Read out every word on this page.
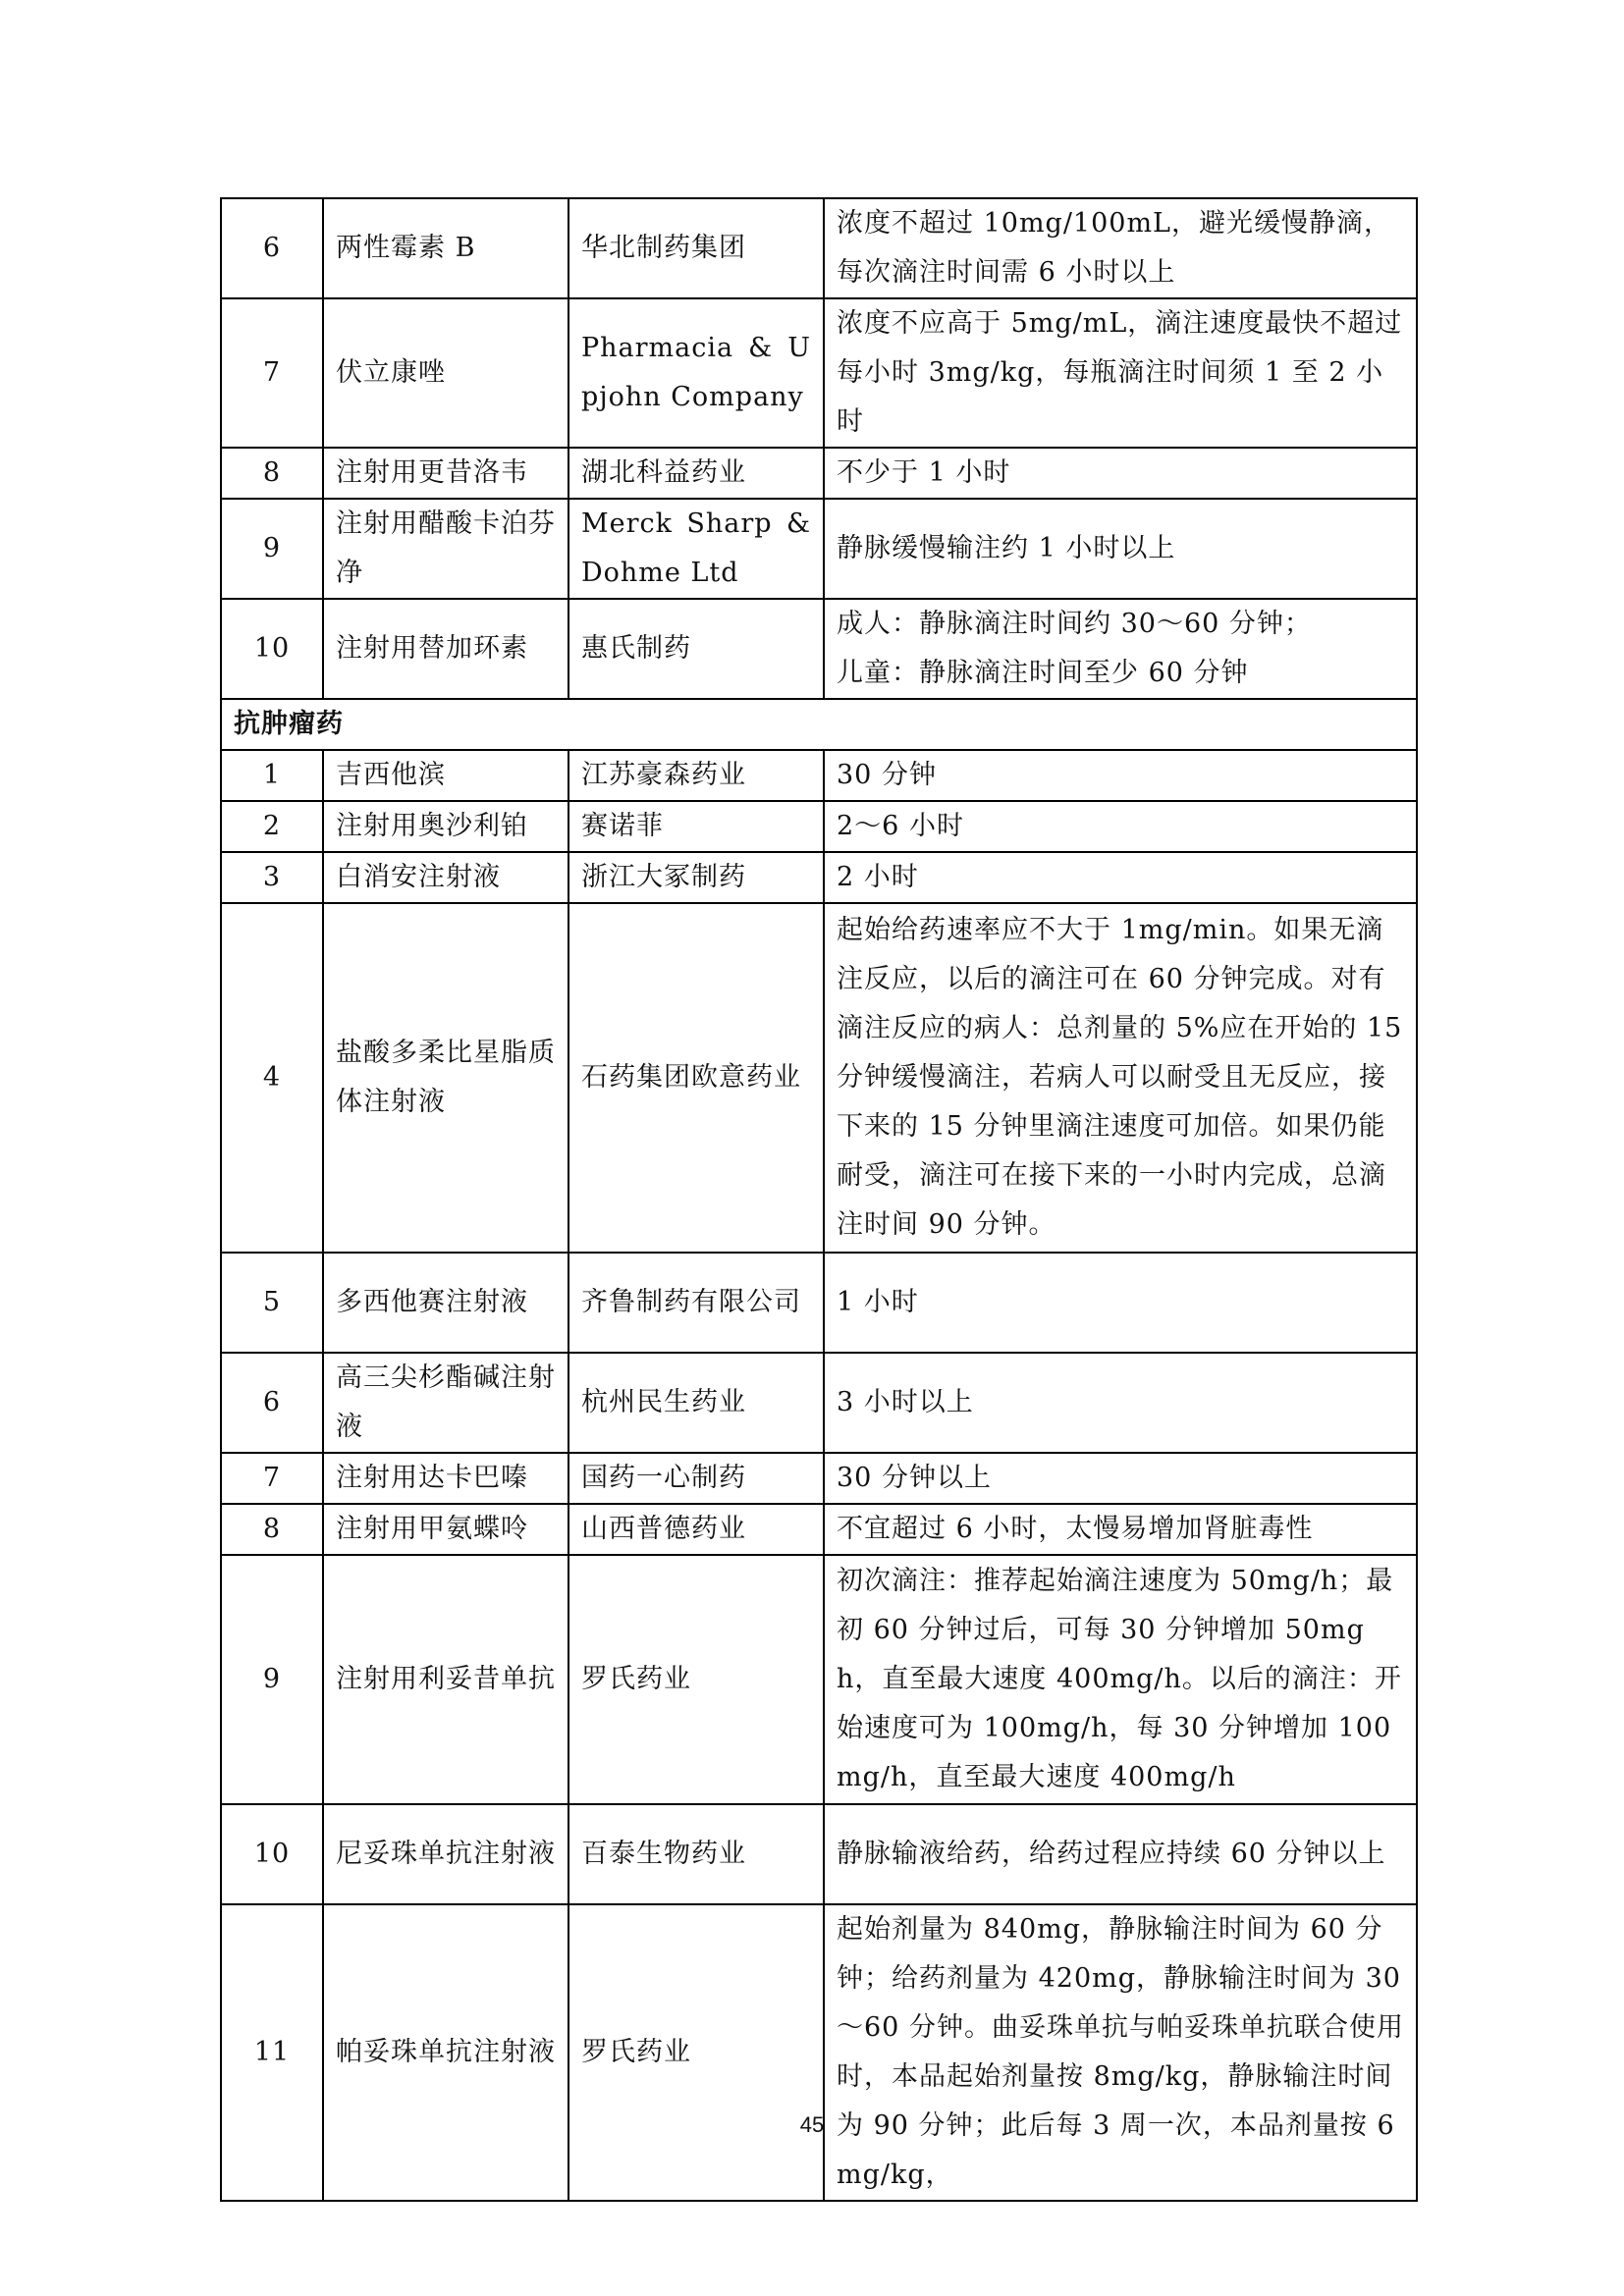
6	两性霉素 B	华北制药集团	浓度不超过 10mg/100mL，避光缓慢静滴，每次滴注时间需 6 小时以上
7	伏立康唑	Pharmacia & Upjohn Company	浓度不应高于 5mg/mL，滴注速度最快不超过每小时 3mg/kg，每瓶滴注时间须 1 至 2 小时
8	注射用更昔洛韦	湖北科益药业	不少于 1 小时
9	注射用醋酸卡泊芬净	Merck Sharp & Dohme Ltd	静脉缓慢输注约 1 小时以上
10	注射用替加环素	惠氏制药	成人：静脉滴注时间约 30～60 分钟；
儿童：静脉滴注时间至少 60 分钟

抗肿瘤药			
1	吉西他滨	江苏豪森药业	30 分钟
2	注射用奥沙利铂	赛诺菲	2～6 小时
3	白消安注射液	浙江大冢制药	2 小时
4	盐酸多柔比星脂质体注射液	石药集团欧意药业	起始给药速率应不大于 1mg/min。如果无滴注反应，以后的滴注可在 60 分钟完成。对有滴注反应的病人：总剂量的 5%应在开始的 15 分钟缓慢滴注，若病人可以耐受且无反应，接下来的 15 分钟里滴注速度可加倍。如果仍能耐受，滴注可在接下来的一小时内完成，总滴注时间 90 分钟。
5	多西他赛注射液	齐鲁制药有限公司	1 小时
6	高三尖杉酯碱注射液	杭州民生药业	3 小时以上
7	注射用达卡巴嗪	国药一心制药	30 分钟以上
8	注射用甲氨蝶呤	山西普德药业	不宜超过 6 小时，太慢易增加肾脏毒性
9	注射用利妥昔单抗	罗氏药业	初次滴注：推荐起始滴注速度为 50mg/h；最初 60 分钟过后，可每 30 分钟增加 50mgh，直至最大速度 400mg/h。以后的滴注：开始速度可为 100mg/h，每 30 分钟增加 100mg/h，直至最大速度 400mg/h
10	尼妥珠单抗注射液	百泰生物药业	静脉输液给药，给药过程应持续 60 分钟以上
11	帕妥珠单抗注射液	罗氏药业	起始剂量为 840mg，静脉输注时间为 60 分钟；给药剂量为 420mg，静脉输注时间为 30～60 分钟。曲妥珠单抗与帕妥珠单抗联合使用时，本品起始剂量按 8mg/kg，静脉输注时间为 90 分钟；此后每 3 周一次，本品剂量按 6mg/kg，
45
